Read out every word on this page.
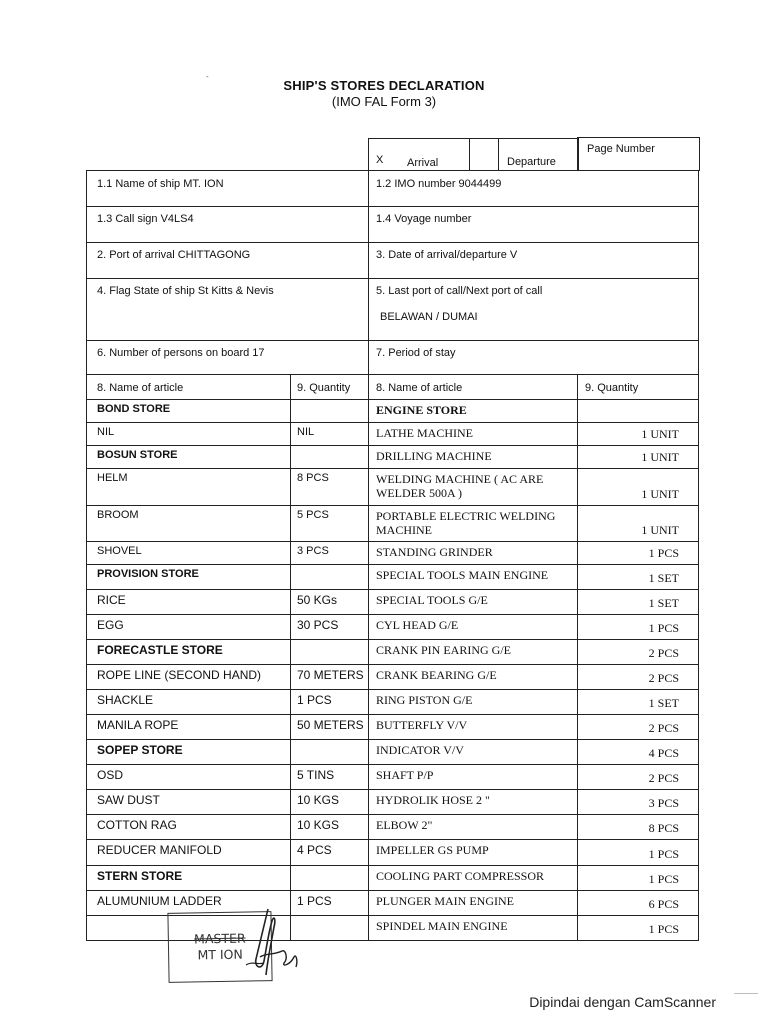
SHIP'S STORES DECLARATION
(IMO FAL Form 3)
-
X Arrival	Departure
Page Number
1.1 Name of ship MT. ION	1.2 IMO number 9044499
1.3 Call sign V4LS4	1.4 Voyage number
2. Port of arrival CHITTAGONG	3. Date of arrival/departure V
4. Flag State of ship St Kitts & Nevis	5. Last port of call/Next port of call
BELAWAN / DUMAI
6. Number of persons on board 17	7. Period of stay
8. Name of article	9. Quantity 8. Name of article	9. Quantity
BOND STORE
NIL	NIL
BOSUN STORE
HELM	8 PCS
BROOM	5 PCS
SHOVEL	3 PCS
PROVISION STORE
RICE	50 KGs
EGG	30 PCS
FORECASTLE STORE
ROPE LINE (SECOND HAND)	70 METERS
SHACKLE	1 PCS
MANILA ROPE	50 METERS
SOPEP STORE
OSD	5 TINS
SAW DUST	10 KGS
COTTON RAG	10 KGS
REDUCER MANIFOLD	4 PCS
STERN STORE
ALUMUNIUM LADDER	1 PCS
ENGINE STORE
LATHE MACHINE	1 UNIT
DRILLING MACHINE	1 UNIT
WELDING MACHINE ( AC ARE WELDER 500A )	1 UNIT
PORTABLE ELECTRIC WELDING MACHINE	1 UNIT
STANDING GRINDER	1 PCS
SPECIAL TOOLS MAIN ENGINE	1 SET
SPECIAL TOOLS G/E	1 SET
CYL HEAD G/E	1 PCS
CRANK PIN EARING G/E	2 PCS
CRANK BEARING G/E	2 PCS
RING PISTON G/E	1 SET
BUTTERFLY V/V	2 PCS
INDICATOR V/V	4 PCS
SHAFT P/P	2 PCS
HYDROLIK HOSE 2 "	3 PCS
ELBOW 2"	8 PCS
IMPELLER GS PUMP	1 PCS
COOLING PART COMPRESSOR	1 PCS
PLUNGER MAIN ENGINE	6 PCS
SPINDEL MAIN ENGINE	1 PCS
MASTER
MT ION
Dipindai dengan CamScanner
